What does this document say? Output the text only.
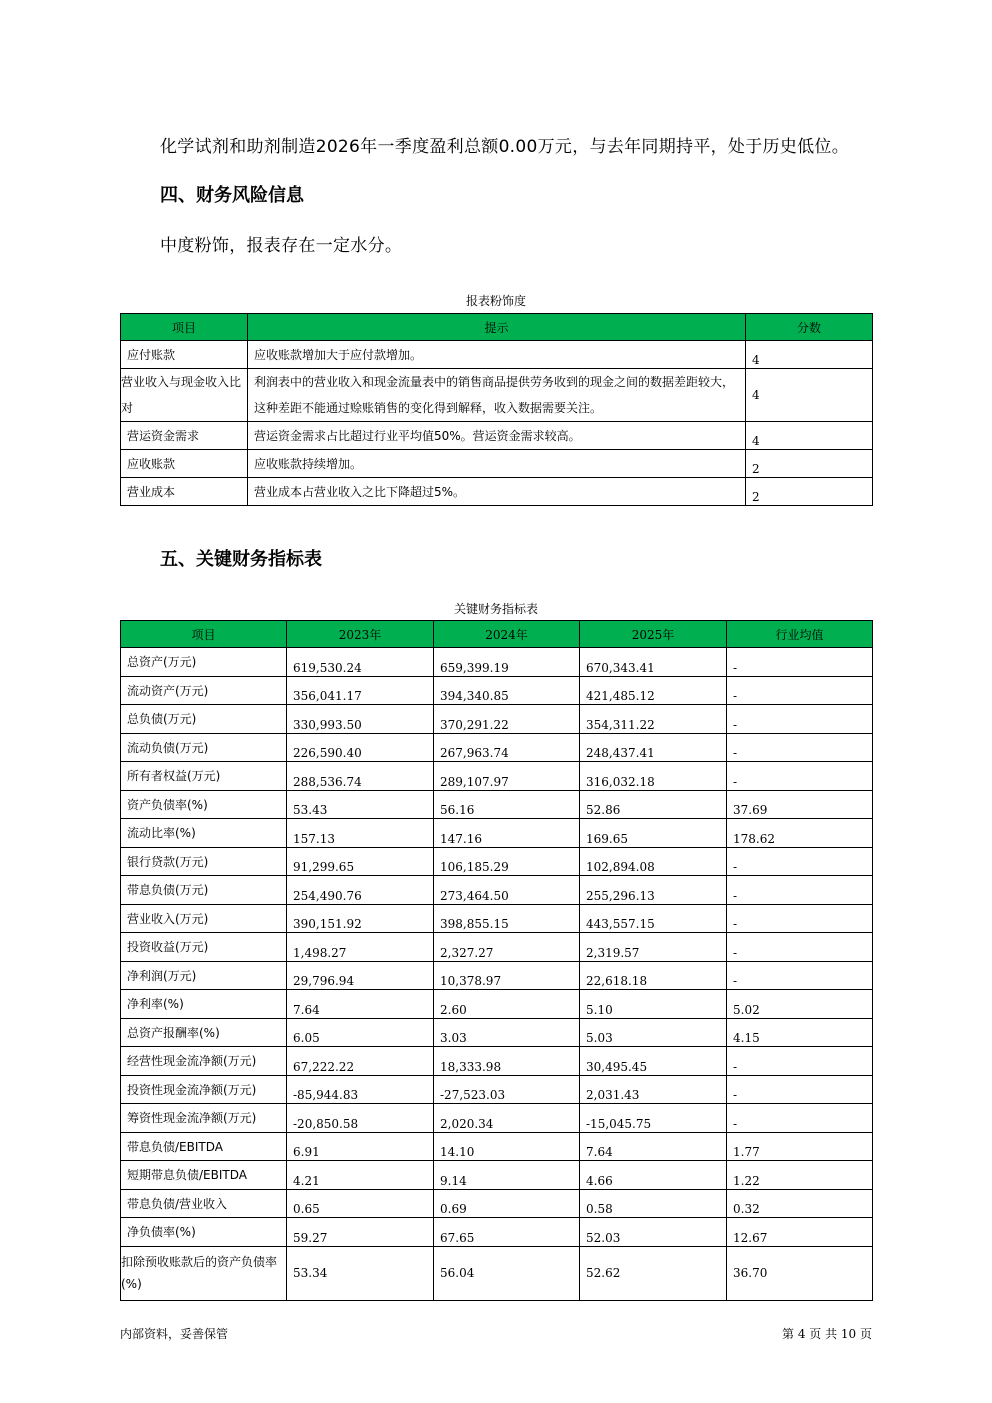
化学试剂和助剂制造2026年一季度盈利总额0.00万元，与去年同期持平，处于历史低位。
四、财务风险信息
中度粉饰，报表存在一定水分。
报表粉饰度
项目	提示	分数
应付账款	应收账款增加大于应付款增加。	4
营业收入与现金收入比对	利润表中的营业收入和现金流量表中的销售商品提供劳务收到的现金之间的数据差距较大，这种差距不能通过赊账销售的变化得到解释，收入数据需要关注。	4
营运资金需求	营运资金需求占比超过行业平均值50%。营运资金需求较高。	4
应收账款	应收账款持续增加。	2
营业成本	营业成本占营业收入之比下降超过5%。	2
五、关键财务指标表
关键财务指标表
项目	2023年	2024年	2025年	行业均值
总资产(万元)	619,530.24	659,399.19	670,343.41	-
流动资产(万元)	356,041.17	394,340.85	421,485.12	-
总负债(万元)	330,993.50	370,291.22	354,311.22	-
流动负债(万元)	226,590.40	267,963.74	248,437.41	-
所有者权益(万元)	288,536.74	289,107.97	316,032.18	-
资产负债率(%)	53.43	56.16	52.86	37.69
流动比率(%)	157.13	147.16	169.65	178.62
银行贷款(万元)	91,299.65	106,185.29	102,894.08	-
带息负债(万元)	254,490.76	273,464.50	255,296.13	-
营业收入(万元)	390,151.92	398,855.15	443,557.15	-
投资收益(万元)	1,498.27	2,327.27	2,319.57	-
净利润(万元)	29,796.94	10,378.97	22,618.18	-
净利率(%)	7.64	2.60	5.10	5.02
总资产报酬率(%)	6.05	3.03	5.03	4.15
经营性现金流净额(万元)	67,222.22	18,333.98	30,495.45	-
投资性现金流净额(万元)	-85,944.83	-27,523.03	2,031.43	-
筹资性现金流净额(万元)	-20,850.58	2,020.34	-15,045.75	-
带息负债/EBITDA	6.91	14.10	7.64	1.77
短期带息负债/EBITDA	4.21	9.14	4.66	1.22
带息负债/营业收入	0.65	0.69	0.58	0.32
净负债率(%)	59.27	67.65	52.03	12.67
扣除预收账款后的资产负债率(%)	53.34	56.04	52.62	36.70
内部资料，妥善保管	第 4 页 共 10 页
